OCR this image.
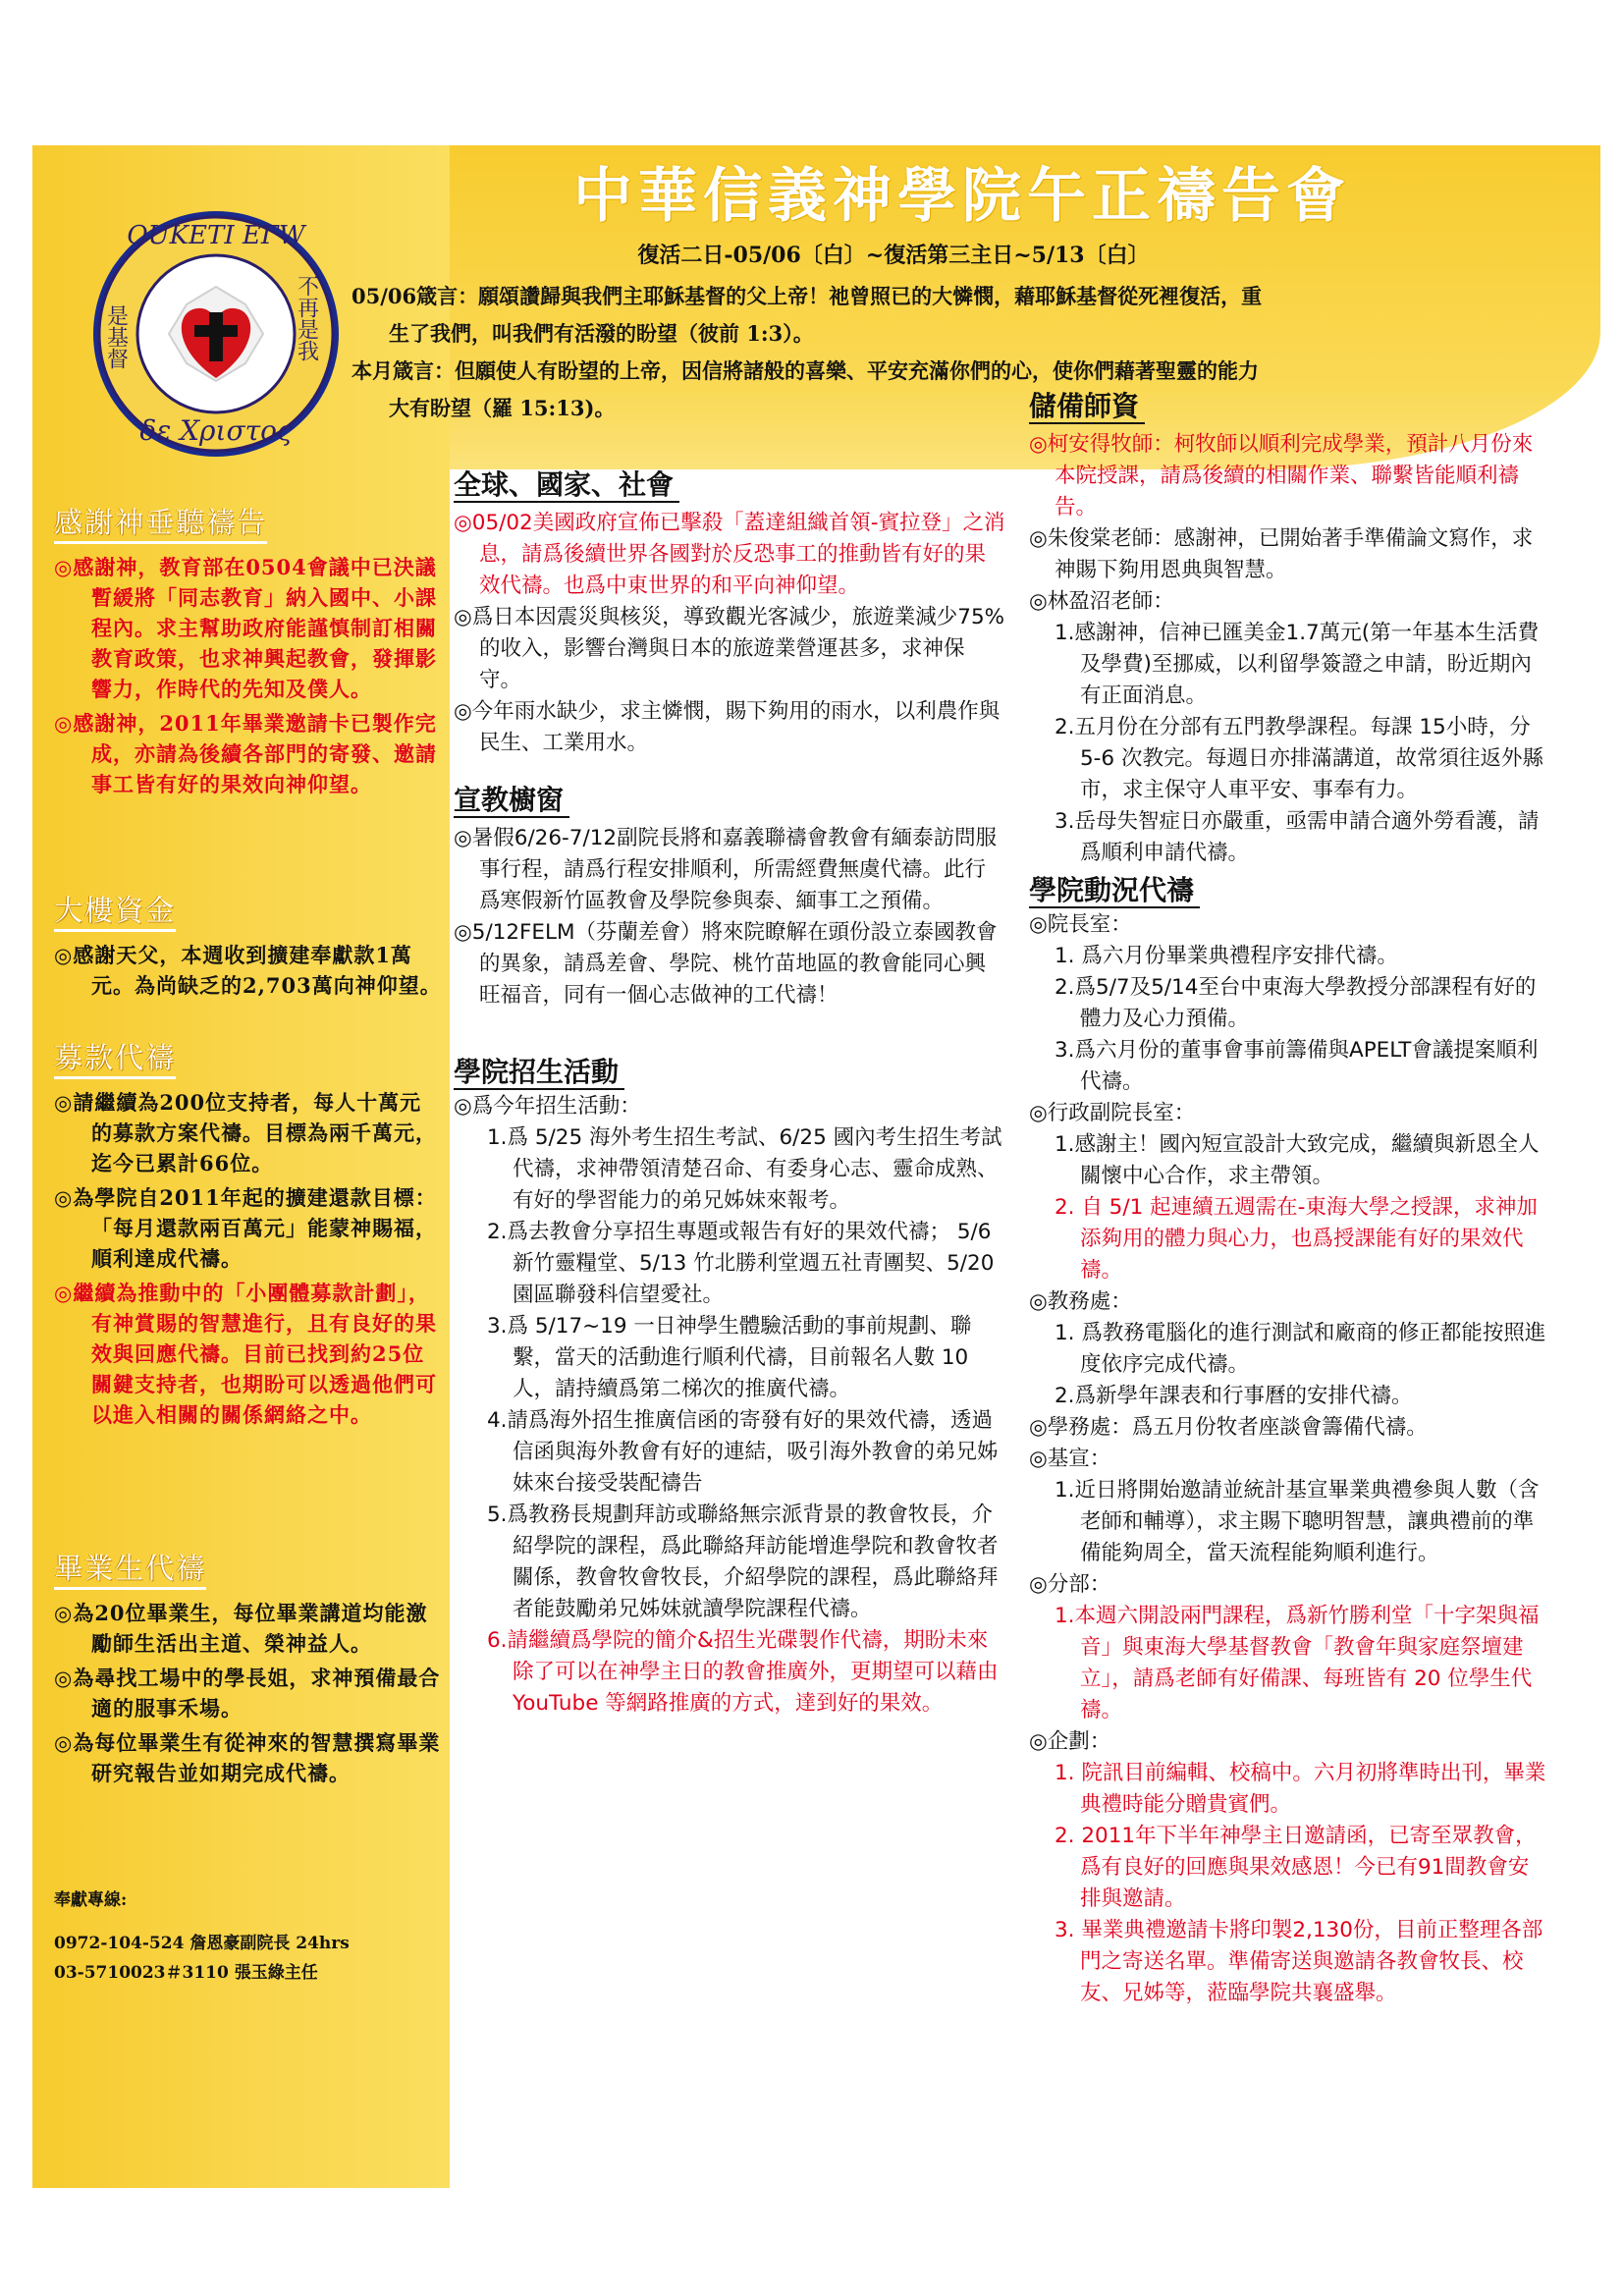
中華信義神學院午正禱告會
OUKETI EΓW
δε Χριστος
是基督	不再是我
復活二日-05/06〔白〕~復活第三主日~5/13〔白〕
05/06箴言：願頌讚歸與我們主耶穌基督的父上帝！祂曾照已的大憐憫，藉耶穌基督從死裡復活，重
生了我們，叫我們有活潑的盼望（彼前 1:3）。
本月箴言：但願使人有盼望的上帝，因信將諸般的喜樂、平安充滿你們的心，使你們藉著聖靈的能力
大有盼望（羅 15:13)。
感謝神垂聽禱告

◎感謝神，教育部在0504會議中已決議暫緩將「同志教育」納入國中、小課程內。求主幫助政府能謹慎制訂相關教育政策，也求神興起教會，發揮影響力，作時代的先知及僕人。

◎感謝神，2011年畢業邀請卡已製作完成，亦請為後續各部門的寄發、邀請事工皆有好的果效向神仰望。

大樓資金

◎感謝天父，本週收到擴建奉獻款1萬元。為尚缺乏的2,703萬向神仰望。

募款代禱

◎請繼續為200位支持者，每人十萬元的募款方案代禱。目標為兩千萬元，迄今已累計66位。

◎為學院自2011年起的擴建還款目標：「每月還款兩百萬元」能蒙神賜福，順利達成代禱。

◎繼續為推動中的「小團體募款計劃」，有神賞賜的智慧進行，且有良好的果效與回應代禱。目前已找到約25位關鍵支持者，也期盼可以透過他們可以進入相關的關係網絡之中。

畢業生代禱

◎為20位畢業生，每位畢業講道均能激勵師生活出主道、榮神益人。

◎為尋找工場中的學長姐，求神預備最合適的服事禾場。

◎為每位畢業生有從神來的智慧撰寫畢業研究報告並如期完成代禱。

奉獻專線:
0972-104-524 詹恩豪副院長 24hrs
03-5710023＃3110 張玉綠主任
全球、國家、社會

◎05/02美國政府宣佈已擊殺「蓋達組織首領-賓拉登」之消息，請爲後續世界各國對於反恐事工的推動皆有好的果效代禱。也爲中東世界的和平向神仰望。

◎爲日本因震災與核災，導致觀光客減少，旅遊業減少75%的收入，影響台灣與日本的旅遊業營運甚多，求神保守。

◎今年雨水缺少，求主憐憫，賜下夠用的雨水，以利農作與民生、工業用水。

宣教櫥窗

◎暑假6/26-7/12副院長將和嘉義聯禱會教會有緬泰訪問服事行程，請爲行程安排順利，所需經費無虞代禱。此行爲寒假新竹區教會及學院參與泰、緬事工之預備。

◎5/12FELM（芬蘭差會）將來院瞭解在頭份設立泰國教會的異象，請爲差會、學院、桃竹苗地區的教會能同心興旺福音，同有一個心志做神的工代禱！

學院招生活動

◎爲今年招生活動：

1.爲 5/25 海外考生招生考試、6/25 國內考生招生考試代禱，求神帶領清楚召命、有委身心志、靈命成熟、有好的學習能力的弟兄姊妹來報考。

2.爲去教會分享招生專題或報告有好的果效代禱； 5/6 新竹靈糧堂、5/13 竹北勝利堂週五社青團契、5/20 園區聯發科信望愛社。

3.爲 5/17~19 一日神學生體驗活動的事前規劃、聯繫，當天的活動進行順利代禱，目前報名人數 10 人，請持續爲第二梯次的推廣代禱。

4.請爲海外招生推廣信函的寄發有好的果效代禱，透過信函與海外教會有好的連結，吸引海外教會的弟兄姊妹來台接受裝配禱告

5.爲教務長規劃拜訪或聯絡無宗派背景的教會牧長，介紹學院的課程，爲此聯絡拜訪能增進學院和教會牧者關係，教會牧會牧長，介紹學院的課程，爲此聯絡拜者能鼓勵弟兄姊妹就讀學院課程代禱。

6.請繼續爲學院的簡介&招生光碟製作代禱，期盼未來除了可以在神學主日的教會推廣外，更期望可以藉由 YouTube 等網路推廣的方式，達到好的果效。

儲備師資

◎柯安得牧師：柯牧師以順利完成學業，預計八月份來本院授課，請爲後續的相關作業、聯繫皆能順利禱告。

◎朱俊棠老師：感謝神，已開始著手準備論文寫作，求神賜下夠用恩典與智慧。

◎林盈沼老師：

1.感謝神，信神已匯美金1.7萬元(第一年基本生活費及學費)至挪威，以利留學簽證之申請，盼近期內有正面消息。

2.五月份在分部有五門教學課程。每課 15小時，分 5-6 次教完。每週日亦排滿講道，故常須往返外縣市，求主保守人車平安、事奉有力。

3.岳母失智症日亦嚴重，亟需申請合適外勞看護，請爲順利申請代禱。

學院動況代禱

◎院長室：

1. 爲六月份畢業典禮程序安排代禱。

2.爲5/7及5/14至台中東海大學教授分部課程有好的體力及心力預備。

3.爲六月份的董事會事前籌備與APELT會議提案順利代禱。

◎行政副院長室：

1.感謝主！國內短宣設計大致完成，繼續與新恩全人關懷中心合作，求主帶領。

2. 自 5/1 起連續五週需在-東海大學之授課，求神加添夠用的體力與心力，也爲授課能有好的果效代禱。

◎教務處：

1. 爲教務電腦化的進行測試和廠商的修正都能按照進度依序完成代禱。

2.爲新學年課表和行事曆的安排代禱。

◎學務處：爲五月份牧者座談會籌備代禱。

◎基宣：

1.近日將開始邀請並統計基宣畢業典禮參與人數（含老師和輔導），求主賜下聰明智慧，讓典禮前的準備能夠周全，當天流程能夠順利進行。

◎分部：

1.本週六開設兩門課程，爲新竹勝利堂「十字架與福音」與東海大學基督教會「教會年與家庭祭壇建立」，請爲老師有好備課、每班皆有 20 位學生代禱。

◎企劃：

1. 院訊目前編輯、校稿中。六月初將準時出刊，畢業典禮時能分贈貴賓們。

2. 2011年下半年神學主日邀請函，已寄至眾教會，爲有良好的回應與果效感恩！今已有91間教會安排與邀請。

3. 畢業典禮邀請卡將印製2,130份，目前正整理各部門之寄送名單。準備寄送與邀請各教會牧長、校友、兄姊等，蒞臨學院共襄盛舉。
